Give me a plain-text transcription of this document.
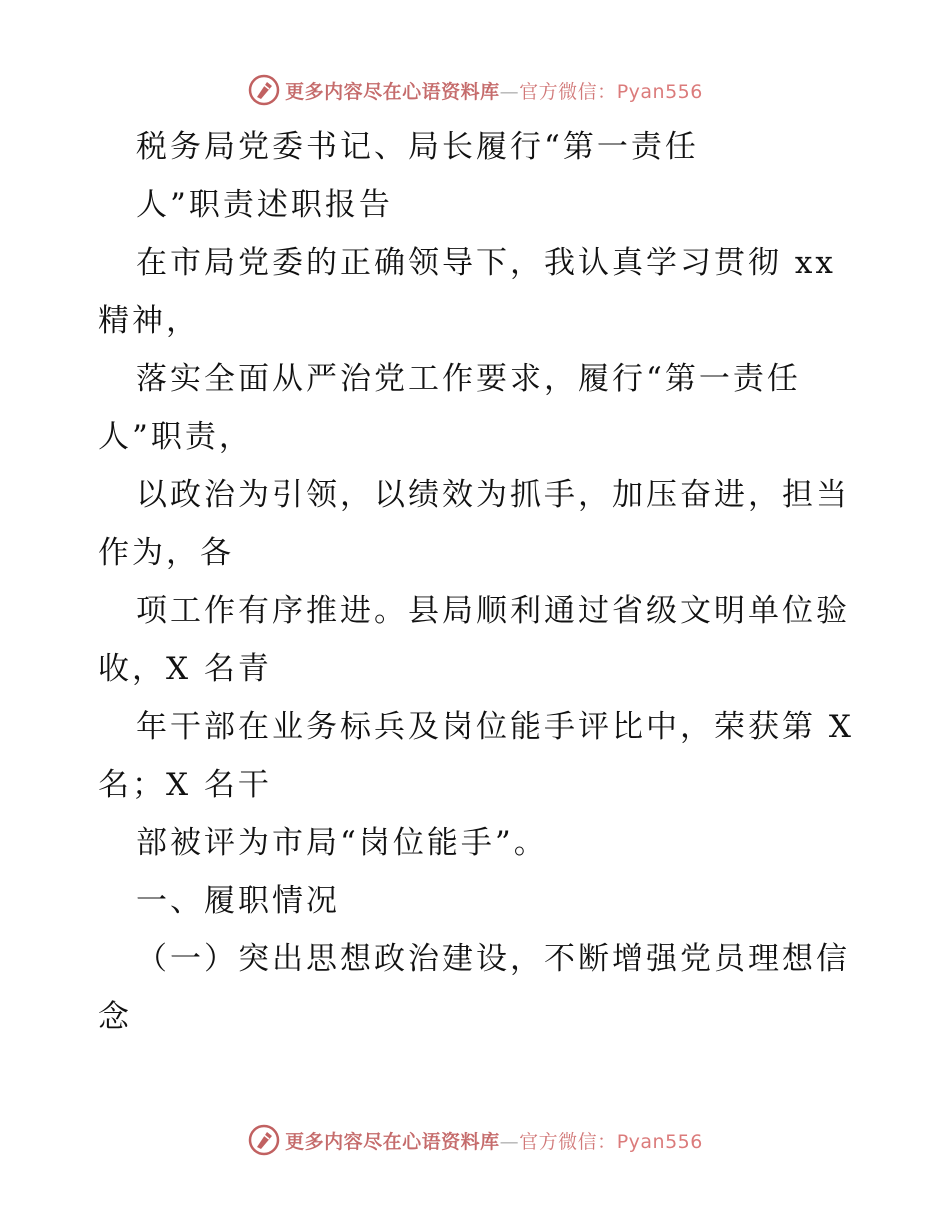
更多内容尽在心语资料库—官方微信：Pyan556
税务局党委书记、局长履行“第一责任
人”职责述职报告
在市局党委的正确领导下，我认真学习贯彻 xx
精神，
落实全面从严治党工作要求，履行“第一责任
人”职责，
以政治为引领，以绩效为抓手，加压奋进，担当
作为，各
项工作有序推进。县局顺利通过省级文明单位验
收，X 名青
年干部在业务标兵及岗位能手评比中，荣获第 X
名；X 名干
部被评为市局“岗位能手”。
一、履职情况
（一）突出思想政治建设，不断增强党员理想信
念
更多内容尽在心语资料库—官方微信：Pyan556
